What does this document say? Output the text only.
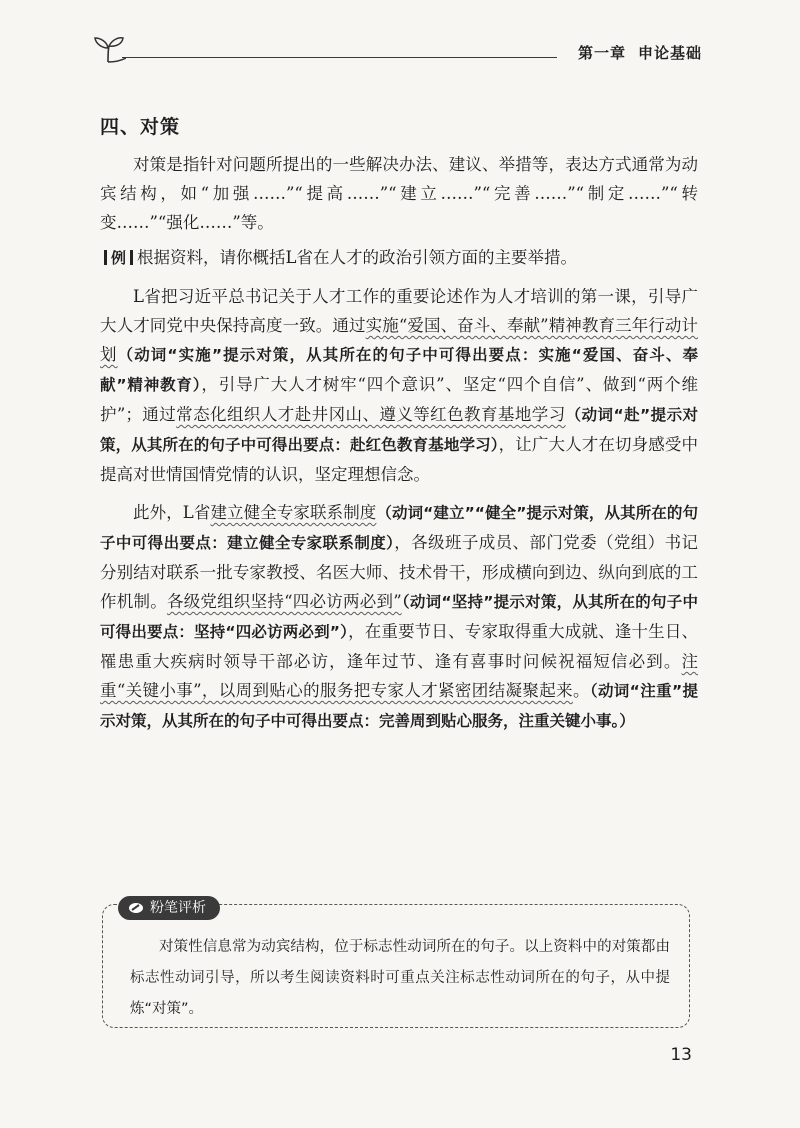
第一章 申论基础
四、对策

对策是指针对问题所提出的一些解决办法、建议、举措等，表达方式通常为动宾结构，如“加强……”“提高……”“建立……”“完善……”“制定……”“转变……”“强化……”等。

例 根据资料，请你概括L省在人才的政治引领方面的主要举措。

L省把习近平总书记关于人才工作的重要论述作为人才培训的第一课，引导广大人才同党中央保持高度一致。通过实施“爱国、奋斗、奉献”精神教育三年行动计划（动词“实施”提示对策，从其所在的句子中可得出要点：实施“爱国、奋斗、奉献”精神教育），引导广大人才树牢“四个意识”、坚定“四个自信”、做到“两个维护”；通过常态化组织人才赴井冈山、遵义等红色教育基地学习（动词“赴”提示对策，从其所在的句子中可得出要点：赴红色教育基地学习），让广大人才在切身感受中提高对世情国情党情的认识，坚定理想信念。

此外，L省建立健全专家联系制度（动词“建立”“健全”提示对策，从其所在的句子中可得出要点：建立健全专家联系制度），各级班子成员、部门党委（党组）书记分别结对联系一批专家教授、名医大师、技术骨干，形成横向到边、纵向到底的工作机制。各级党组织坚持“四必访两必到”（动词“坚持”提示对策，从其所在的句子中可得出要点：坚持“四必访两必到”），在重要节日、专家取得重大成就、逢十生日、罹患重大疾病时领导干部必访，逢年过节、逢有喜事时问候祝福短信必到。注重“关键小事”，以周到贴心的服务把专家人才紧密团结凝聚起来。（动词“注重”提示对策，从其所在的句子中可得出要点：完善周到贴心服务，注重关键小事。）

粉笔评析
对策性信息常为动宾结构，位于标志性动词所在的句子。以上资料中的对策都由标志性动词引导，所以考生阅读资料时可重点关注标志性动词所在的句子，从中提炼“对策”。
13
